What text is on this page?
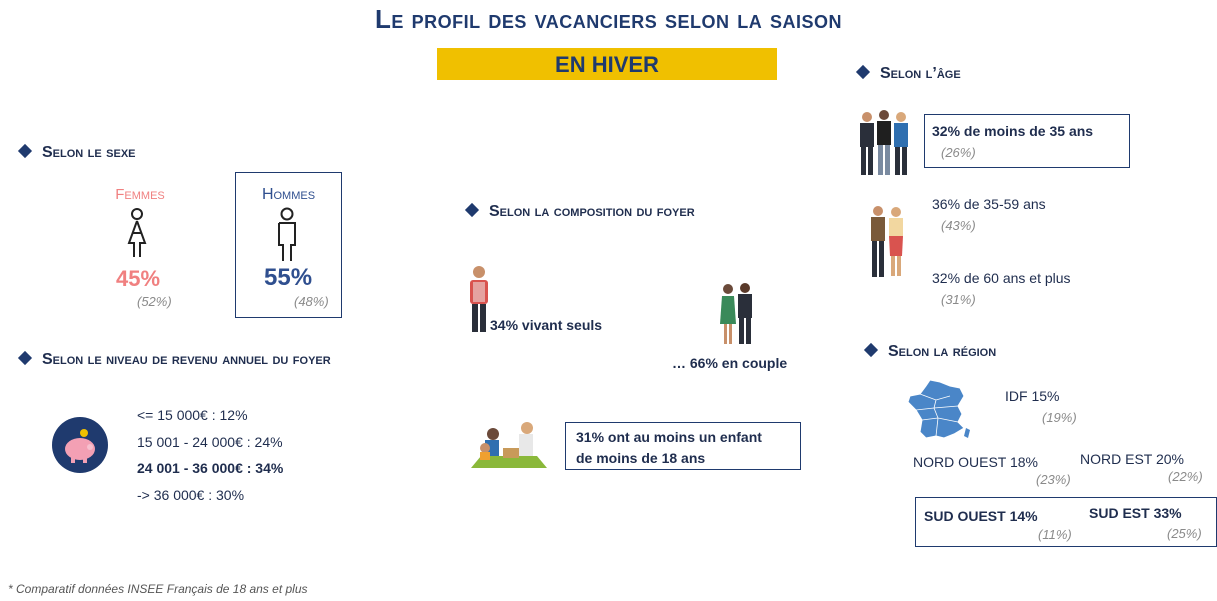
Le profil des vacanciers selon la saison
EN HIVER
Selon le sexe
Femmes
45%
(52%)
Hommes
55%
(48%)
Selon le niveau de revenu annuel du foyer
<= 15 000€ : 12%
15 001 - 24 000€ : 24%
24 001 - 36 000€ : 34%
-> 36 000€ : 30%
Selon la composition du foyer
34% vivant seuls
… 66% en couple
31% ont au moins un enfant
de moins de 18 ans
Selon l’âge
32% de moins de 35 ans
(26%)
36% de 35-59 ans
(43%)
32% de 60 ans et plus
(31%)
Selon la région
IDF 15%
(19%)
NORD OUEST 18%
(23%)
NORD EST 20%
(22%)
SUD OUEST 14%
(11%)
SUD EST 33%
(25%)
* Comparatif données INSEE Français de 18 ans et plus
